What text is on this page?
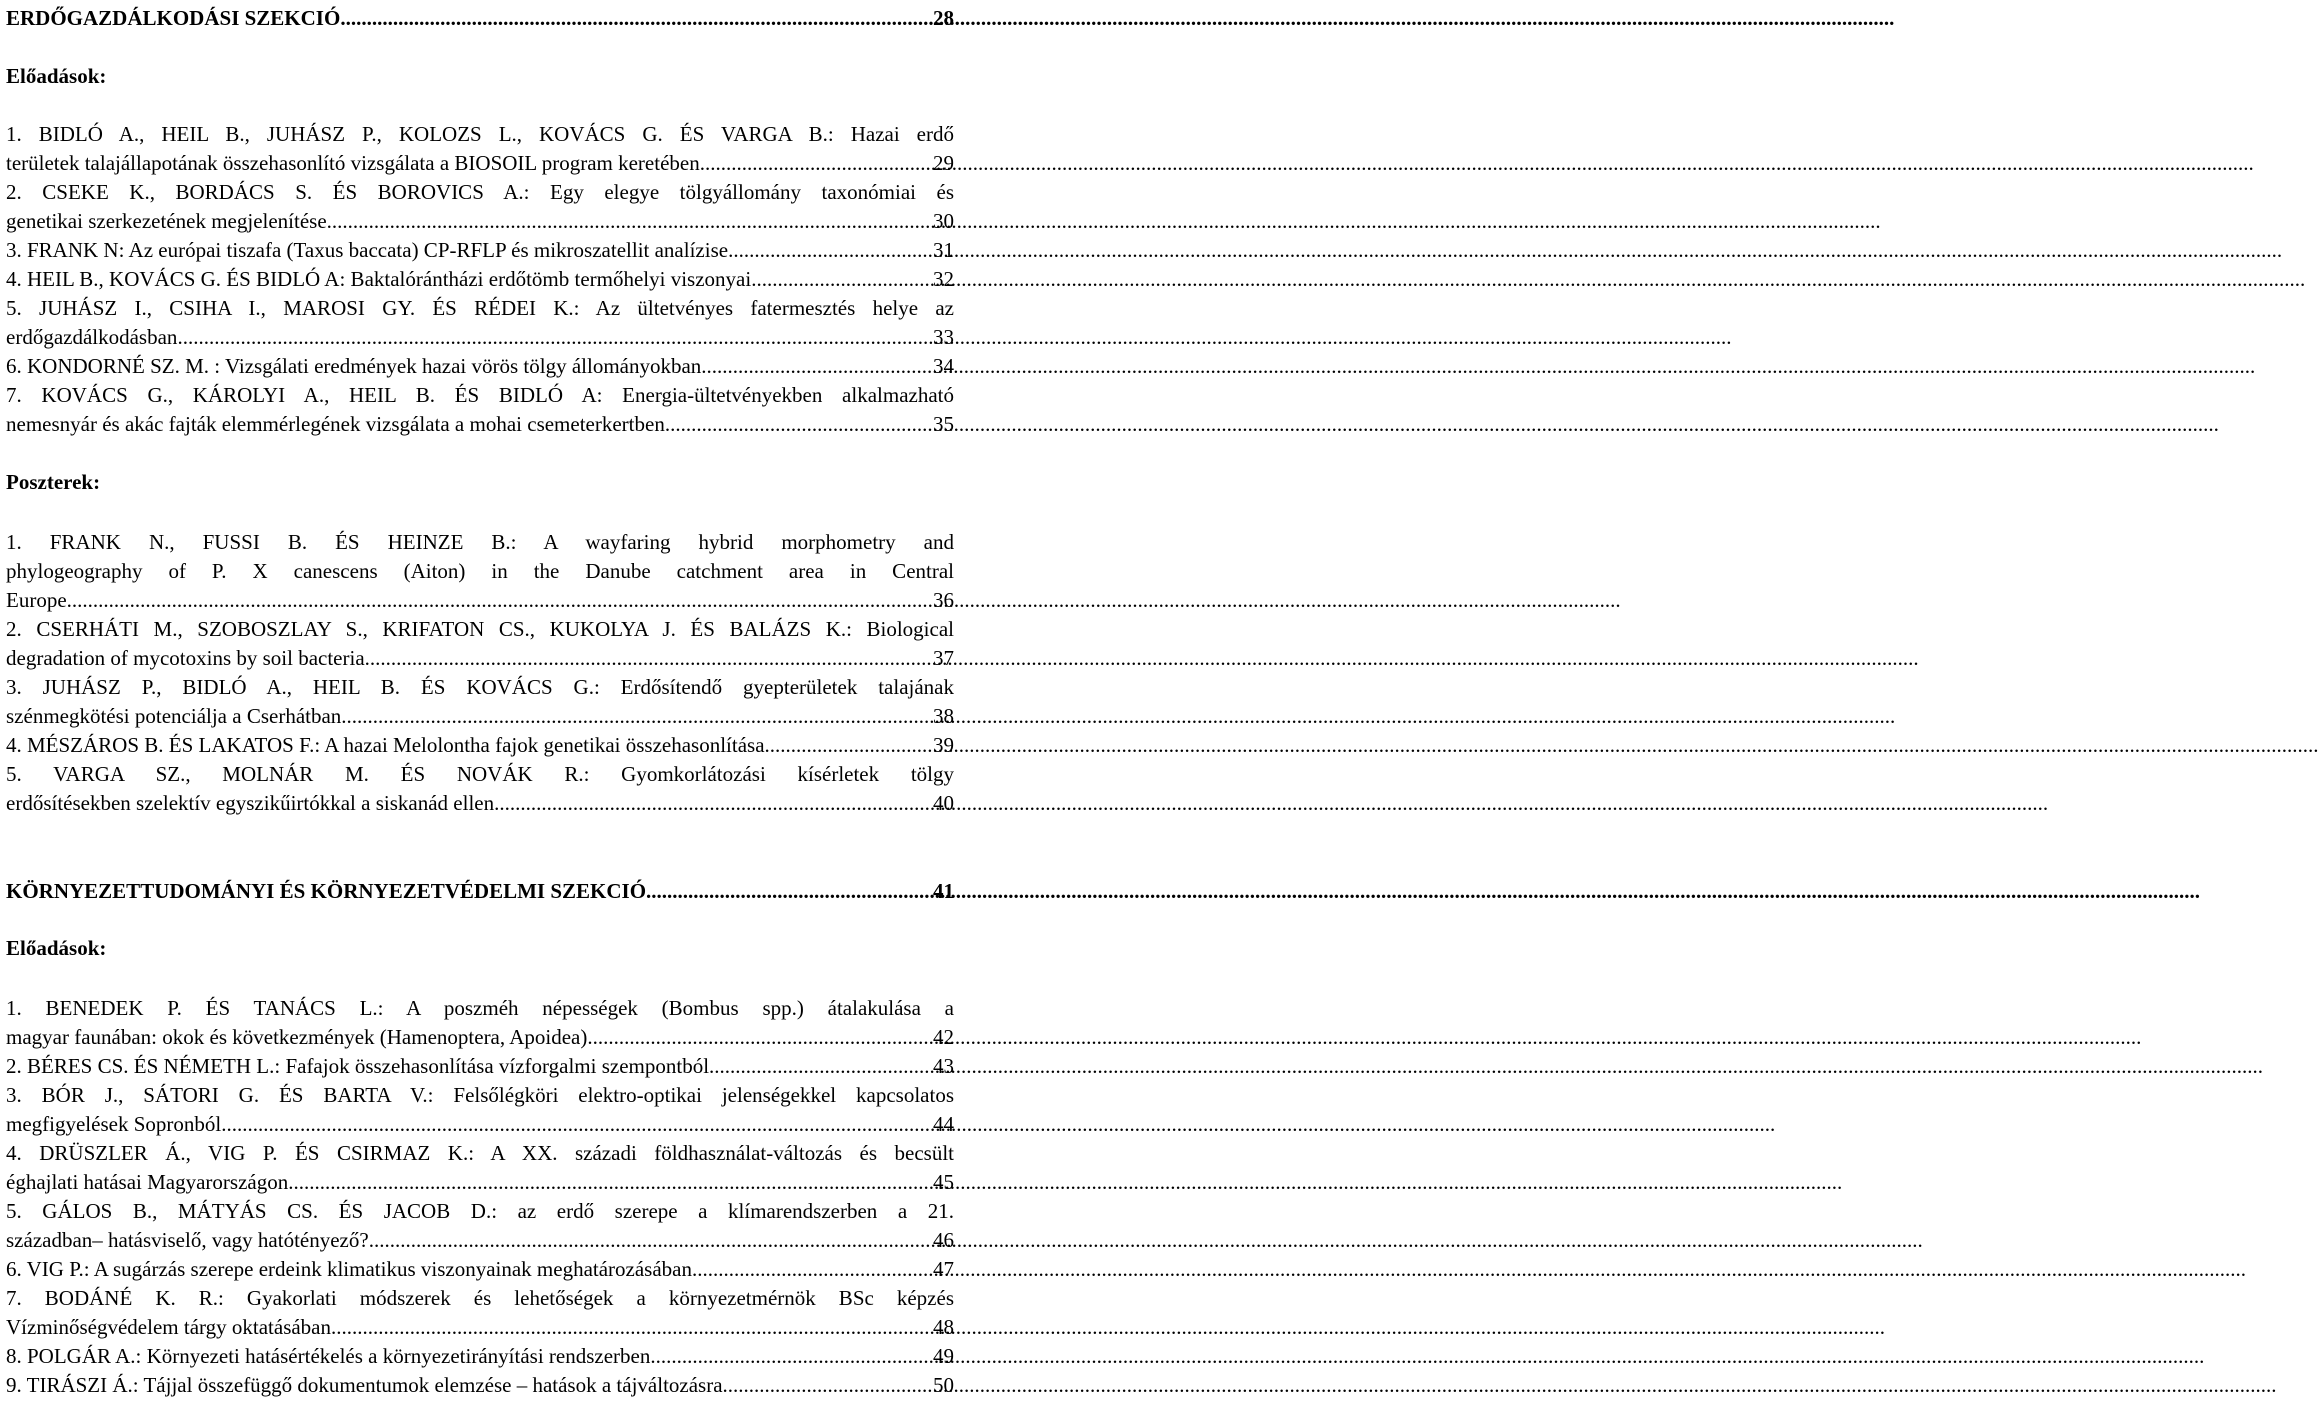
ERDŐGAZDÁLKODÁSI SZEKCIÓ .....	28
Előadások:
1. BIDLÓ A., HEIL B., JUHÁSZ P., KOLOZS L., KOVÁCS G. ÉS VARGA B.: Hazai erdő
területek talajállapotának összehasonlító vizsgálata a BIOSOIL program keretében .....	29
2. CSEKE K., BORDÁCS S. ÉS BOROVICS A.: Egy elegye tölgyállomány taxonómiai és
genetikai szerkezetének megjelenítése .....	30
3. FRANK N: Az európai tiszafa (Taxus baccata) CP-RFLP és mikroszatellit analízise .....	31
4. HEIL B., KOVÁCS G. ÉS BIDLÓ A: Baktalórántházi erdőtömb termőhelyi viszonyai .....	32
5. JUHÁSZ I., CSIHA I., MAROSI GY. ÉS RÉDEI K.: Az ültetvényes fatermesztés helye az
erdőgazdálkodásban .....	33
6. KONDORNÉ SZ. M. : Vizsgálati eredmények hazai vörös tölgy állományokban .....	34
7. KOVÁCS G., KÁROLYI A., HEIL B. ÉS BIDLÓ A: Energia-ültetvényekben alkalmazható
nemesnyár és akác fajták elemmérlegének vizsgálata a mohai csemeterkertben .....	35
Poszterek:
1. FRANK N., FUSSI B. ÉS HEINZE B.: A wayfaring hybrid morphometry and
phylogeography of P. X canescens (Aiton) in the Danube catchment area in Central
Europe .....	36
2. CSERHÁTI M., SZOBOSZLAY S., KRIFATON CS., KUKOLYA J. ÉS BALÁZS K.: Biological
degradation of mycotoxins by soil bacteria .....	37
3. JUHÁSZ P., BIDLÓ A., HEIL B. ÉS KOVÁCS G.: Erdősítendő gyepterületek talajának
szénmegkötési potenciálja a Cserhátban .....	38
4. MÉSZÁROS B. ÉS LAKATOS F.: A hazai Melolontha fajok genetikai összehasonlítása .....	39
5. VARGA SZ., MOLNÁR M. ÉS NOVÁK R.: Gyomkorlátozási kísérletek tölgy
erdősítésekben szelektív egyszikűirtókkal a siskanád ellen .....	40
KÖRNYEZETTUDOMÁNYI ÉS KÖRNYEZETVÉDELMI SZEKCIÓ .....	41
Előadások:
1. BENEDEK P. ÉS TANÁCS L.: A poszméh népességek (Bombus spp.) átalakulása a
magyar faunában: okok és következmények (Hamenoptera, Apoidea) .....	42
2. BÉRES CS. ÉS NÉMETH L.: Fafajok összehasonlítása vízforgalmi szempontból .....	43
3. BÓR J., SÁTORI G. ÉS BARTA V.: Felsőlégköri elektro-optikai jelenségekkel kapcsolatos
megfigyelések Sopronból .....	44
4. DRÜSZLER Á., VIG P. ÉS CSIRMAZ K.: A XX. századi földhasználat-változás és becsült
éghajlati hatásai Magyarországon .....	45
5. GÁLOS B., MÁTYÁS CS. ÉS JACOB D.: az erdő szerepe a klímarendszerben a 21.
században– hatásviselő, vagy hatótényező? .....	46
6. VIG P.: A sugárzás szerepe erdeink klimatikus viszonyainak meghatározásában .....	47
7. BODÁNÉ K. R.: Gyakorlati módszerek és lehetőségek a környezetmérnök BSc képzés
Vízminőségvédelem tárgy oktatásában .....	48
8. POLGÁR A.: Környezeti hatásértékelés a környezetirányítási rendszerben .....	49
9. TIRÁSZI Á.: Tájjal összefüggő dokumentumok elemzése – hatások a tájváltozásra .....	50
